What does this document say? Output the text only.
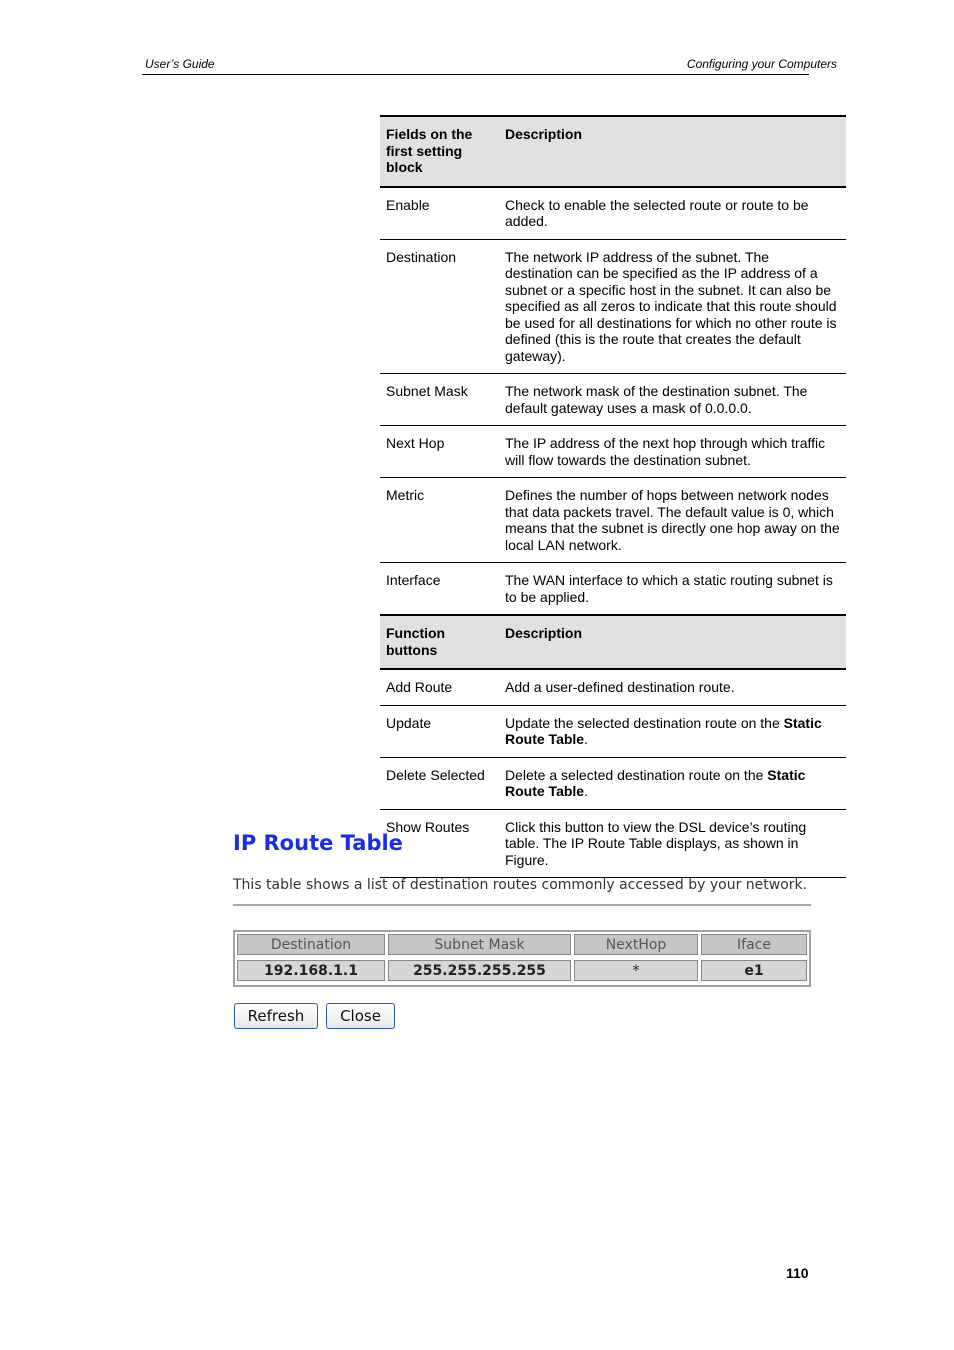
User’s Guide	Configuring your Computers
Fields on the first setting block	Description
Enable	Check to enable the selected route or route to be added.
Destination	The network IP address of the subnet. The destination can be specified as the IP address of a subnet or a specific host in the subnet. It can also be specified as all zeros to indicate that this route should be used for all destinations for which no other route is defined (this is the route that creates the default gateway).
Subnet Mask	The network mask of the destination subnet. The default gateway uses a mask of 0.0.0.0.
Next Hop	The IP address of the next hop through which traffic will flow towards the destination subnet.
Metric	Defines the number of hops between network nodes that data packets travel. The default value is 0, which means that the subnet is directly one hop away on the local LAN network.
Interface	The WAN interface to which a static routing subnet is to be applied.
Function buttons	Description
Add Route	Add a user-defined destination route.
Update	Update the selected destination route on the Static Route Table.
Delete Selected	Delete a selected destination route on the Static Route Table.
Show Routes	Click this button to view the DSL device’s routing table. The IP Route Table displays, as shown in Figure.
IP Route Table
This table shows a list of destination routes commonly accessed by your network.
Destination	Subnet Mask	NextHop	Iface
192.168.1.1	255.255.255.255	*	e1
Refresh	Close
110
